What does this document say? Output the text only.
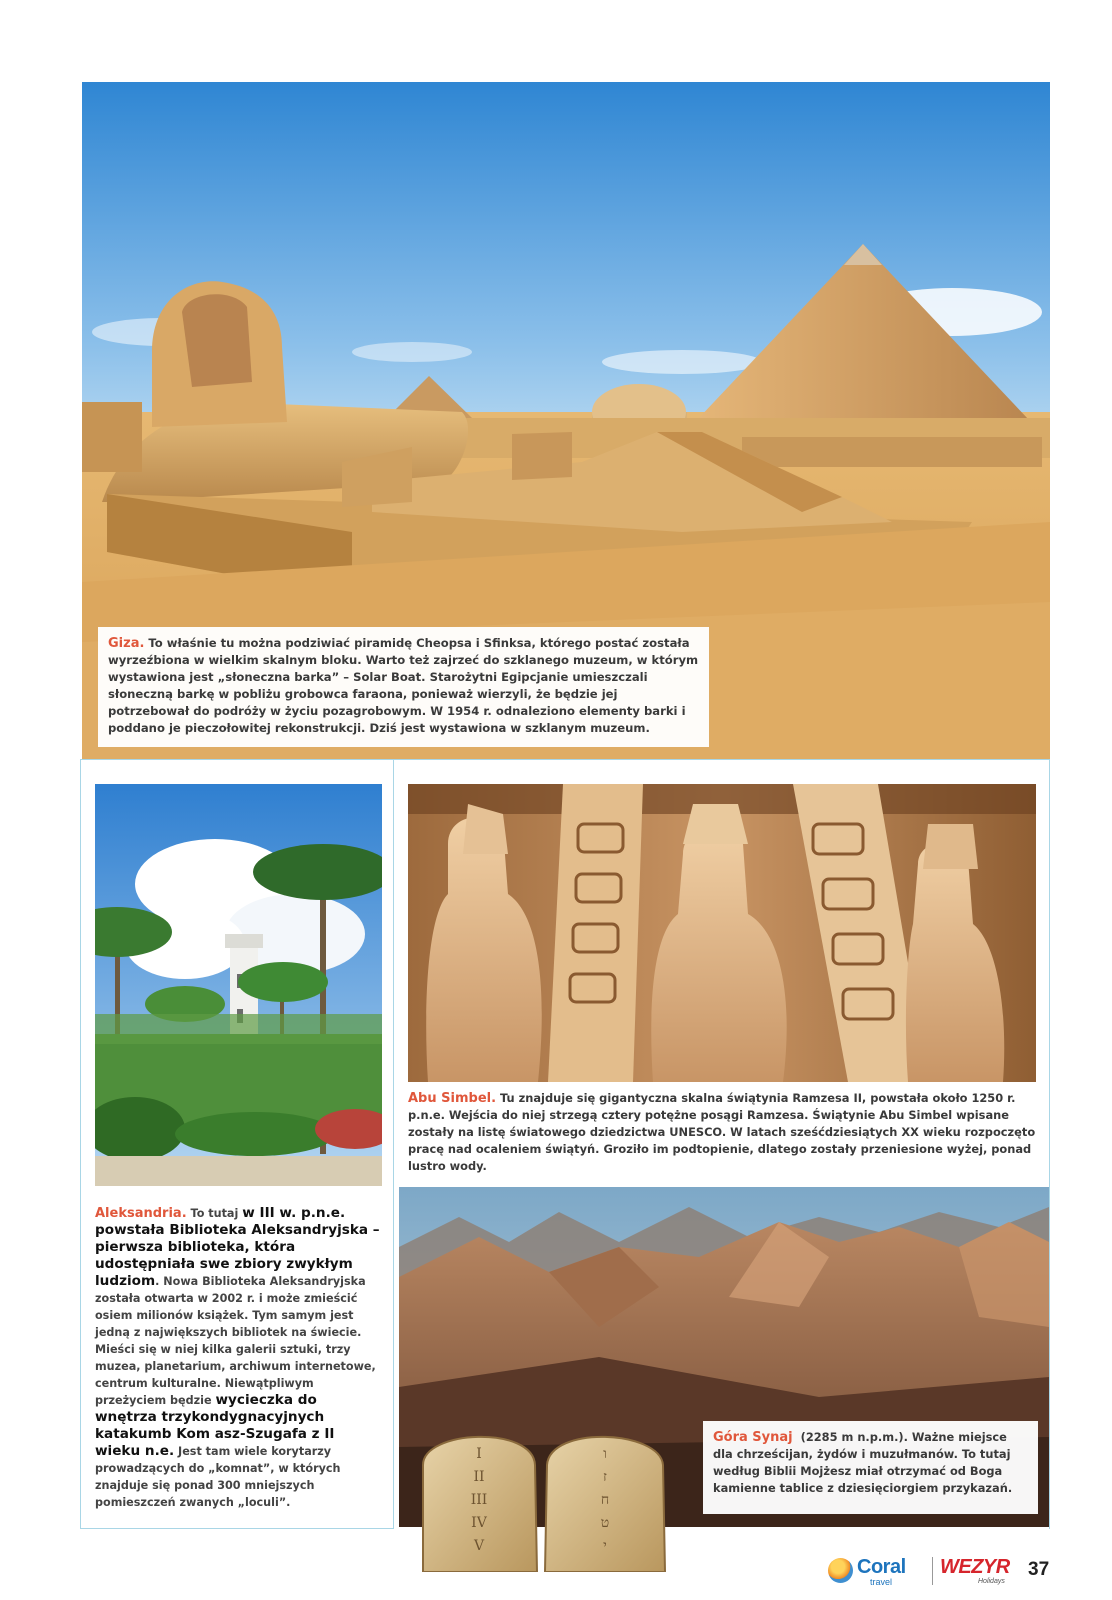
Giza. To właśnie tu można podziwiać piramidę Cheopsa i Sfinksa, którego postać została wyrzeźbiona w wielkim skalnym bloku. Warto też zajrzeć do szklanego muzeum, w którym wystawiona jest „słoneczna barka” – Solar Boat. Starożytni Egipcjanie umieszczali słoneczną barkę w pobliżu grobowca faraona, ponieważ wierzyli, że będzie jej potrzebował do podróży w życiu pozagrobowym. W 1954 r. odnaleziono elementy barki i poddano je pieczołowitej rekonstrukcji. Dziś jest wystawiona w szklanym muzeum.
Abu Simbel. Tu znajduje się gigantyczna skalna świątynia Ramzesa II, powstała około 1250 r. p.n.e. Wejścia do niej strzegą cztery potężne posągi Ramzesa. Świątynie Abu Simbel wpisane zostały na listę światowego dziedzictwa UNESCO. W latach sześćdziesiątych XX wieku rozpoczęto pracę nad ocaleniem świątyń. Groziło im podtopienie, dlatego zostały przeniesione wyżej, ponad lustro wody.
Aleksandria. To tutaj w III w. p.n.e. powstała Biblioteka Aleksandryjska – pierwsza biblioteka, która udostępniała swe zbiory zwykłym ludziom. Nowa Biblioteka Aleksandryjska została otwarta w 2002 r. i może zmieścić osiem milionów książek. Tym samym jest jedną z największych bibliotek na świecie. Mieści się w niej kilka galerii sztuki, trzy muzea, planetarium, archiwum internetowe, centrum kulturalne. Niewątpliwym przeżyciem będzie wycieczka do wnętrza trzykondygnacyjnych katakumb Kom asz-Szugafa z II wieku n.e. Jest tam wiele korytarzy prowadzących do „komnat”, w których znajduje się ponad 300 mniejszych pomieszczeń zwanych „loculi”.
Góra Synaj (2285 m n.p.m.). Ważne miejsce dla chrześcijan, żydów i muzułmanów. To tutaj według Biblii Mojżesz miał otrzymać od Boga kamienne tablice z dziesięciorgiem przykazań.
I
II
III
IV
V
ו
ז
ח
ט
י
Coral
travel
WEZYR
Holidays
37
